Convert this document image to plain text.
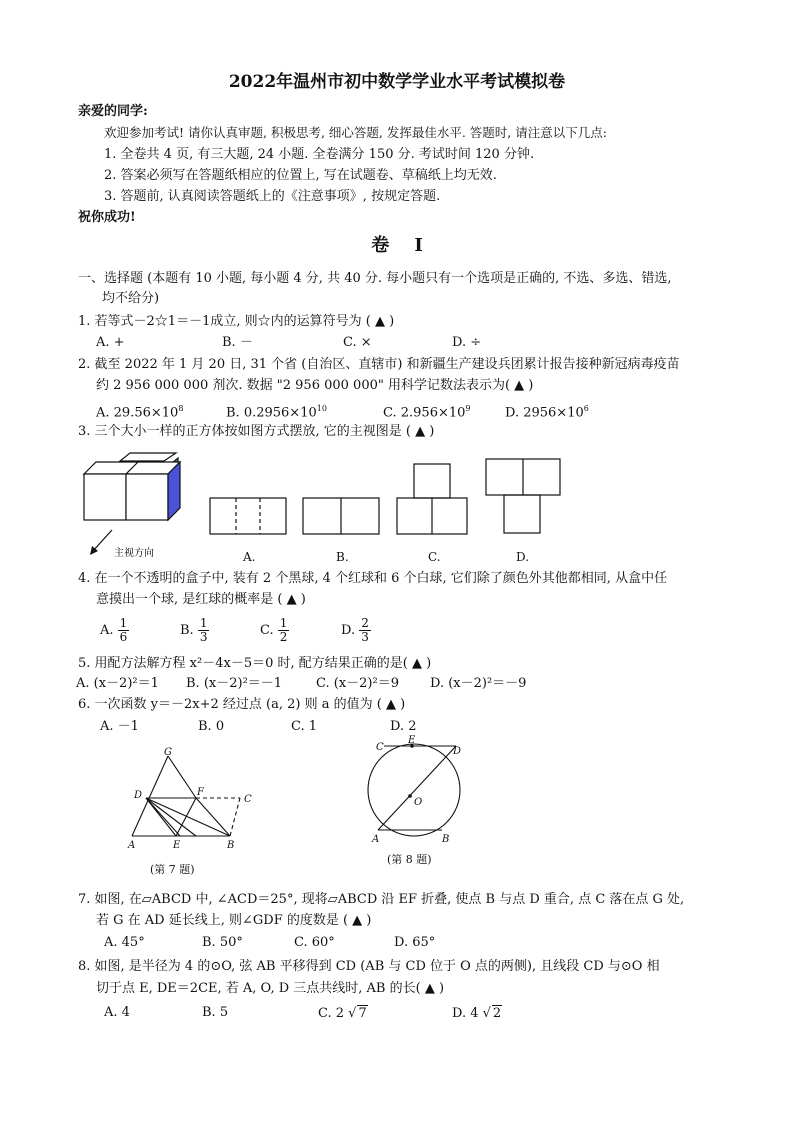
2022年温州市初中数学学业水平考试模拟卷
亲爱的同学:
欢迎参加考试! 请你认真审题, 积极思考, 细心答题, 发挥最佳水平. 答题时, 请注意以下几点:
1. 全卷共 4 页, 有三大题, 24 小题. 全卷满分 150 分. 考试时间 120 分钟.
2. 答案必须写在答题纸相应的位置上, 写在试题卷、草稿纸上均无效.
3. 答题前, 认真阅读答题纸上的《注意事项》, 按规定答题.
祝你成功!
卷    Ⅰ
一、选择题 (本题有 10 小题, 每小题 4 分, 共 40 分. 每小题只有一个选项是正确的, 不选、多选、错选,
均不给分)
1. 若等式－2☆1＝－1成立, 则☆内的运算符号为 ( ▲ )
A. +	B. －	C. ×	D. ÷
2. 截至 2022 年 1 月 20 日, 31 个省 (自治区、直辖市) 和新疆生产建设兵团累计报告接种新冠病毒疫苗
约 2 956 000 000 剂次. 数据 "2 956 000 000" 用科学记数法表示为( ▲ )
A. $29.56\times 10^8$	B. $0.2956\times 10^{10}$	C. $2.956\times 10^9$	D. $2956\times 10^6$
3. 三个大小一样的正方体按如图方式摆放, 它的主视图是 ( ▲ )
主视方向	A.	B.	C.	D.
4. 在一个不透明的盒子中, 装有 2 个黑球, 4 个红球和 6 个白球, 它们除了颜色外其他都相同, 从盒中任
意摸出一个球, 是红球的概率是 ( ▲ )
A. $\frac{1}{6}$	B. $\frac{1}{3}$	C. $\frac{1}{2}$	D. $\frac{2}{3}$
5. 用配方法解方程 x²－4x－5＝0 时, 配方结果正确的是( ▲ )
A. (x－2)²＝1 B. (x－2)²＝－1	C. (x－2)²＝9 D. (x－2)²＝－9
6. 一次函数 y＝－2x+2 经过点 (a, 2) 则 a 的值为 ( ▲ )
A. －1	B. 0	C. 1	D. 2
G
D	F
C
A	E	B
(第 7 题)
C
E
D
O
A	B
(第 8 题)
7. 如图, 在▱ABCD 中, ∠ACD＝25°, 现将▱ABCD 沿 EF 折叠, 使点 B 与点 D 重合, 点 C 落在点 G 处,
若 G 在 AD 延长线上, 则∠GDF 的度数是 ( ▲ )
A. 45°	B. 50°	C. 60°	D. 65°
8. 如图, 是半径为 4 的⊙O, 弦 AB 平移得到 CD (AB 与 CD 位于 O 点的两侧), 且线段 CD 与⊙O 相
切于点 E, DE＝2CE, 若 A, O, D 三点共线时, AB 的长( ▲ )
A. 4	B. 5	C. 2 √ 7	D. 4 √ 2
